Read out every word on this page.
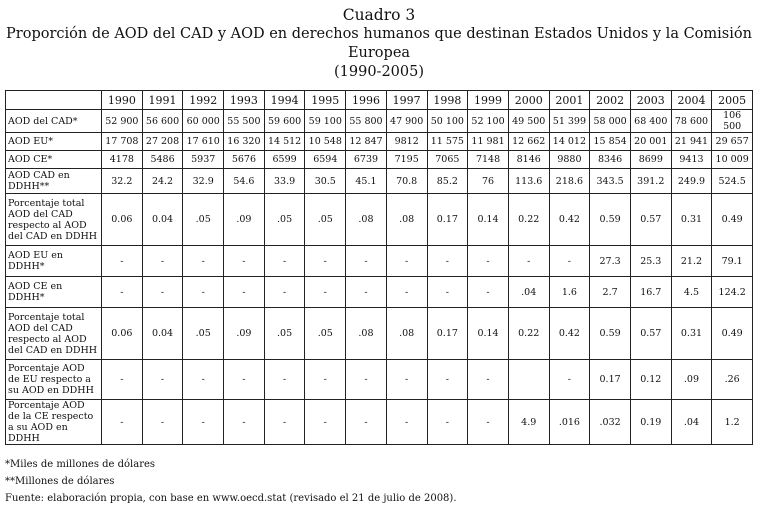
Cuadro 3
Proporción de AOD del CAD y AOD en derechos humanos que destinan Estados Unidos y la Comisión Europea
(1990-2005)
	1990	1991	1992	1993	1994	1995	1996	1997	1998	1999	2000	2001	2002	2003	2004	2005
AOD del CAD*	52 900	56 600	60 000	55 500	59 600	59 100	55 800	47 900	50 100	52 100	49 500	51 399	58 000	68 400	78 600	106 500
AOD EU*	17 708	27 208	17 610	16 320	14 512	10 548	12 847	9812	11 575	11 981	12 662	14 012	15 854	20 001	21 941	29 657
AOD CE*	4178	5486	5937	5676	6599	6594	6739	7195	7065	7148	8146	9880	8346	8699	9413	10 009
AOD CAD en DDHH**	32.2	24.2	32.9	54.6	33.9	30.5	45.1	70.8	85.2	76	113.6	218.6	343.5	391.2	249.9	524.5
Porcentaje total AOD del CAD respecto al AOD del CAD en DDHH	0.06	0.04	.05	.09	.05	.05	.08	.08	0.17	0.14	0.22	0.42	0.59	0.57	0.31	0.49
AOD EU en DDHH*	-	-	-	-	-	-	-	-	-	-	-	-	27.3	25.3	21.2	79.1
AOD CE en DDHH*	-	-	-	-	-	-	-	-	-	-	.04	1.6	2.7	16.7	4.5	124.2
Porcentaje total AOD del CAD respecto al AOD del CAD en DDHH	0.06	0.04	.05	.09	.05	.05	.08	.08	0.17	0.14	0.22	0.42	0.59	0.57	0.31	0.49
Porcentaje AOD de EU respecto a su AOD en DDHH	-	-	-	-	-	-	-	-	-	-		-	0.17	0.12	.09	.26
Porcentaje AOD de la CE respecto a su AOD en DDHH	-	-	-	-	-	-	-	-	-	-	4.9	.016	.032	0.19	.04	1.2
*Miles de millones de dólares
**Millones de dólares
Fuente: elaboración propia, con base en www.oecd.stat (revisado el 21 de julio de 2008).
